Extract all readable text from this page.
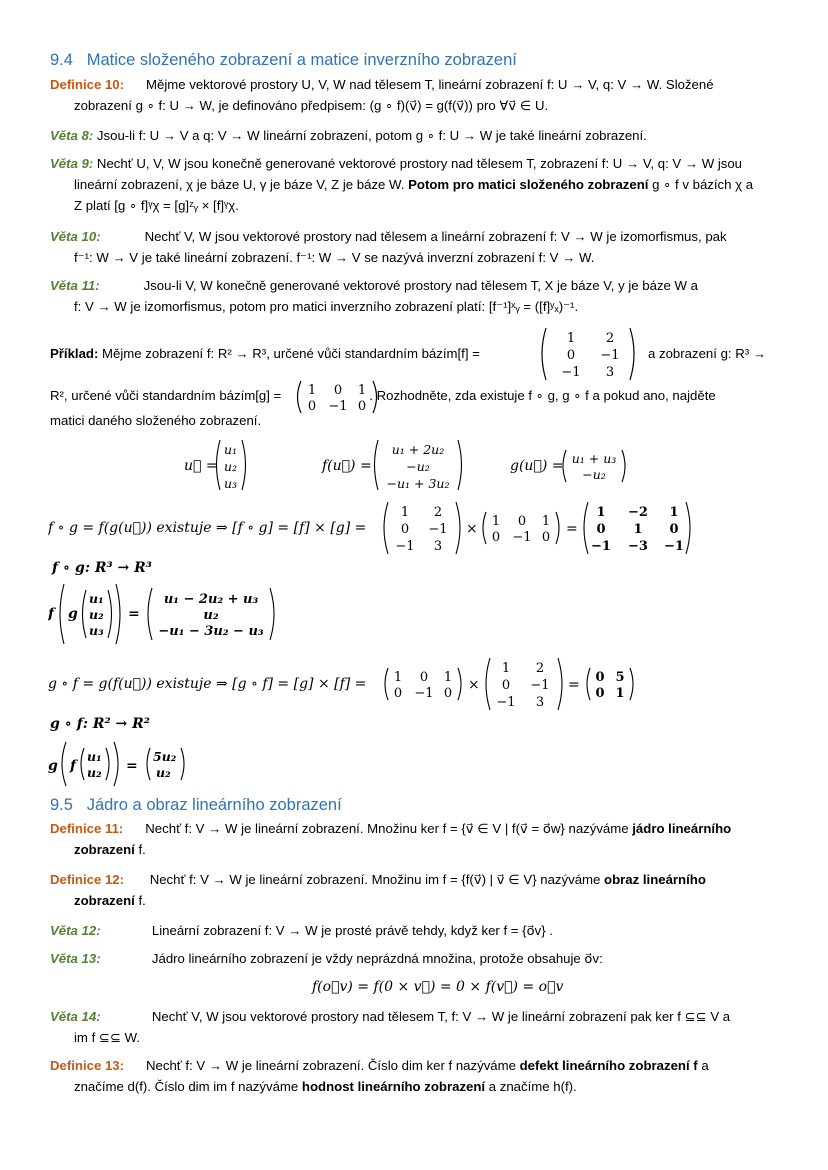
9.4 Matice složeného zobrazení a matice inverzního zobrazení
Definice 10: Mějme vektorové prostory U, V, W nad tělesem T, lineární zobrazení f: U → V, q: V → W. Složené
zobrazení g ∘ f: U → W, je definováno předpisem: (g ∘ f)(v⃗) = g(f(v⃗)) pro ∀v⃗ ∈ U.
Věta 8: Jsou-li f: U → V a q: V → W lineární zobrazení, potom g ∘ f: U → W je také lineární zobrazení.
Věta 9: Nechť U, V, W jsou konečně generované vektorové prostory nad tělesem T, zobrazení f: U → V, q: V → W jsou
lineární zobrazení, χ je báze U, γ je báze V, Z je báze W. Potom pro matici složeného zobrazení g ∘ f v bázích χ a
Z platí [g ∘ f]ᵞχ = [g]ᶻᵧ × [f]ᵞχ.
Věta 10:	Nechť V, W jsou vektorové prostory nad tělesem a lineární zobrazení f: V → W je izomorfismus, pak
f⁻¹: W → V je také lineární zobrazení. f⁻¹: W → V se nazývá inverzní zobrazení f: V → W.
Věta 11:	Jsou-li V, W konečně generované vektorové prostory nad tělesem T, X je báze V, y je báze W a
f: V → W je izomorfismus, potom pro matici inverzního zobrazení platí: [f⁻¹]ˣᵧ = ([f]ʸₓ)⁻¹.
Příklad: Mějme zobrazení f: R² → R³, určené vůči standardním bázím[f] =
1 2
0 −1
−1 3
a zobrazení g: R³ →
R², určené vůči standardním bázím[g] =	. Rozhodněte, zda existuje f ∘ g, g ∘ f a pokud ano, najděte
1 0 1
0 −1 0
matici daného složeného zobrazení.
u⃗ =
u₁
u₂
u₃
f(u⃗) =
u₁ + 2u₂
−u₂
−u₁ + 3u₂
g(u⃗) = u₁ + u₃
−u₂
f ∘ g = f(g(u⃗)) existuje ⇒ [f ∘ g] = [f] × [g] =
1 2
0 −1
−1 3
× 1 0 1
0 −1 0
=
1 −2 1
0 1 0
−1 −3 −1
f ∘ g: R³ → R³
f g
u₁
u₂
u₃
=
u₁ − 2u₂ + u₃
u₂
−u₁ − 3u₂ − u₃
g ∘ f = g(f(u⃗)) existuje ⇒ [g ∘ f] = [g] × [f] = 1 0 1
0 −1 0
×
1 2
0 −1
−1 3
= 0 5
0 1
g ∘ f: R² → R²
g f
u₁
u₂ =
5u₂
u₂
9.5 Jádro a obraz lineárního zobrazení
Definice 11: Nechť f: V → W je lineární zobrazení. Množinu ker f = {v⃗ ∈ V | f(v⃗ = o⃗w} nazýváme jádro lineárního
zobrazení f.
Definice 12: Nechť f: V → W je lineární zobrazení. Množinu im f = {f(v⃗) | v⃗ ∈ V} nazýváme obraz lineárního
zobrazení f.
Věta 12:	Lineární zobrazení f: V → W je prosté právě tehdy, když ker f = {o⃗v} .
Věta 13:	Jádro lineárního zobrazení je vždy neprázdná množina, protože obsahuje o⃗v:
f(o⃗v) = f(0 × v⃗) = 0 × f(v⃗) = o⃗v
Věta 14:	Nechť V, W jsou vektorové prostory nad tělesem T, f: V → W je lineární zobrazení pak ker f ⊆⊆ V a
im f ⊆⊆ W.
Definice 13: Nechť f: V → W je lineární zobrazení. Číslo dim ker f nazýváme defekt lineárního zobrazení f a
značíme d(f). Číslo dim im f nazýváme hodnost lineárního zobrazení a značíme h(f).
